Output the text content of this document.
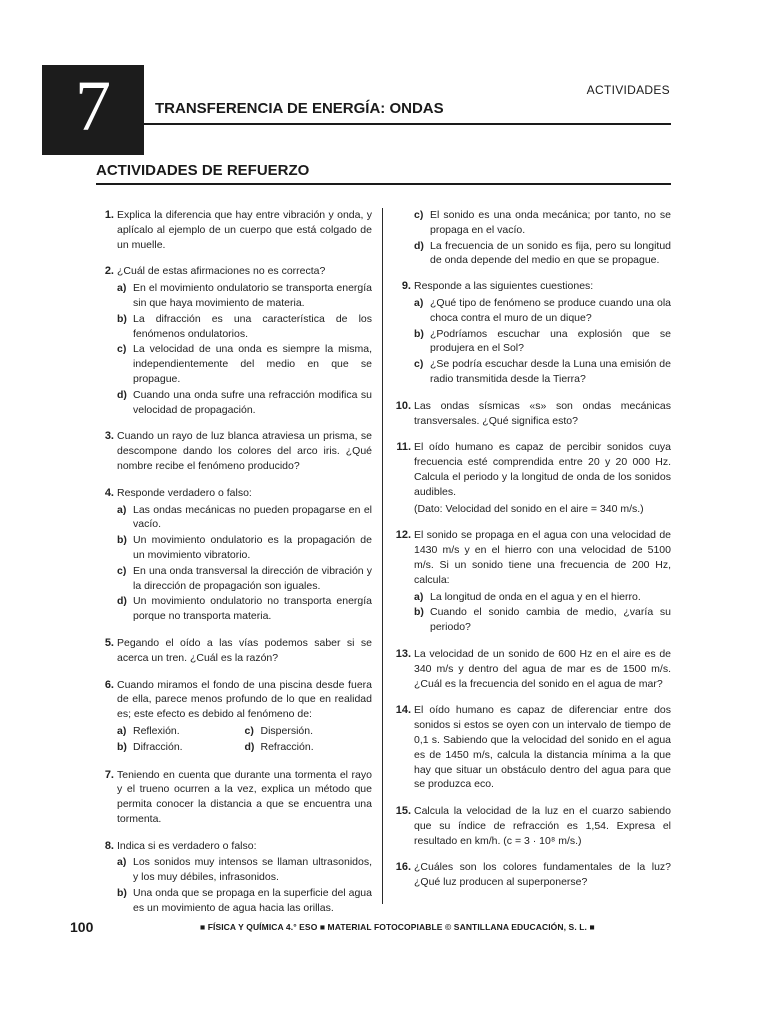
7	ACTIVIDADES
TRANSFERENCIA DE ENERGÍA: ONDAS
ACTIVIDADES DE REFUERZO
1. Explica la diferencia que hay entre vibración y onda, y aplícalo al ejemplo de un cuerpo que está colgado de un muelle.
2. ¿Cuál de estas afirmaciones no es correcta?
a) En el movimiento ondulatorio se transporta energía sin que haya movimiento de materia.
b) La difracción es una característica de los fenómenos ondulatorios.
c) La velocidad de una onda es siempre la misma, independientemente del medio en que se propague.
d) Cuando una onda sufre una refracción modifica su velocidad de propagación.
3. Cuando un rayo de luz blanca atraviesa un prisma, se descompone dando los colores del arco iris. ¿Qué nombre recibe el fenómeno producido?
4. Responde verdadero o falso:
a) Las ondas mecánicas no pueden propagarse en el vacío.
b) Un movimiento ondulatorio es la propagación de un movimiento vibratorio.
c) En una onda transversal la dirección de vibración y la dirección de propagación son iguales.
d) Un movimiento ondulatorio no transporta energía porque no transporta materia.
5. Pegando el oído a las vías podemos saber si se acerca un tren. ¿Cuál es la razón?
6. Cuando miramos el fondo de una piscina desde fuera de ella, parece menos profundo de lo que en realidad es; este efecto es debido al fenómeno de:
a) Reflexión.	c) Dispersión.
b) Difracción.	d) Refracción.
7. Teniendo en cuenta que durante una tormenta el rayo y el trueno ocurren a la vez, explica un método que permita conocer la distancia a que se encuentra una tormenta.
8. Indica si es verdadero o falso:
a) Los sonidos muy intensos se llaman ultrasonidos, y los muy débiles, infrasonidos.
b) Una onda que se propaga en la superficie del agua es un movimiento de agua hacia las orillas.
c) El sonido es una onda mecánica; por tanto, no se propaga en el vacío.
d) La frecuencia de un sonido es fija, pero su longitud de onda depende del medio en que se propague.
9. Responde a las siguientes cuestiones:
a) ¿Qué tipo de fenómeno se produce cuando una ola choca contra el muro de un dique?
b) ¿Podríamos escuchar una explosión que se produjera en el Sol?
c) ¿Se podría escuchar desde la Luna una emisión de radio transmitida desde la Tierra?
10. Las ondas sísmicas «s» son ondas mecánicas transversales. ¿Qué significa esto?
11. El oído humano es capaz de percibir sonidos cuya frecuencia esté comprendida entre 20 y 20 000 Hz. Calcula el periodo y la longitud de onda de los sonidos audibles.
(Dato: Velocidad del sonido en el aire = 340 m/s.)
12. El sonido se propaga en el agua con una velocidad de 1430 m/s y en el hierro con una velocidad de 5100 m/s. Si un sonido tiene una frecuencia de 200 Hz, calcula:
a) La longitud de onda en el agua y en el hierro.
b) Cuando el sonido cambia de medio, ¿varía su periodo?
13. La velocidad de un sonido de 600 Hz en el aire es de 340 m/s y dentro del agua de mar es de 1500 m/s. ¿Cuál es la frecuencia del sonido en el agua de mar?
14. El oído humano es capaz de diferenciar entre dos sonidos si estos se oyen con un intervalo de tiempo de 0,1 s. Sabiendo que la velocidad del sonido en el agua es de 1450 m/s, calcula la distancia mínima a la que hay que situar un obstáculo dentro del agua para que se produzca eco.
15. Calcula la velocidad de la luz en el cuarzo sabiendo que su índice de refracción es 1,54. Expresa el resultado en km/h. (c = 3 · 10⁸ m/s.)
16. ¿Cuáles son los colores fundamentales de la luz? ¿Qué luz producen al superponerse?
100	■ FÍSICA Y QUÍMICA 4.° ESO ■ MATERIAL FOTOCOPIABLE © SANTILLANA EDUCACIÓN, S. L. ■
